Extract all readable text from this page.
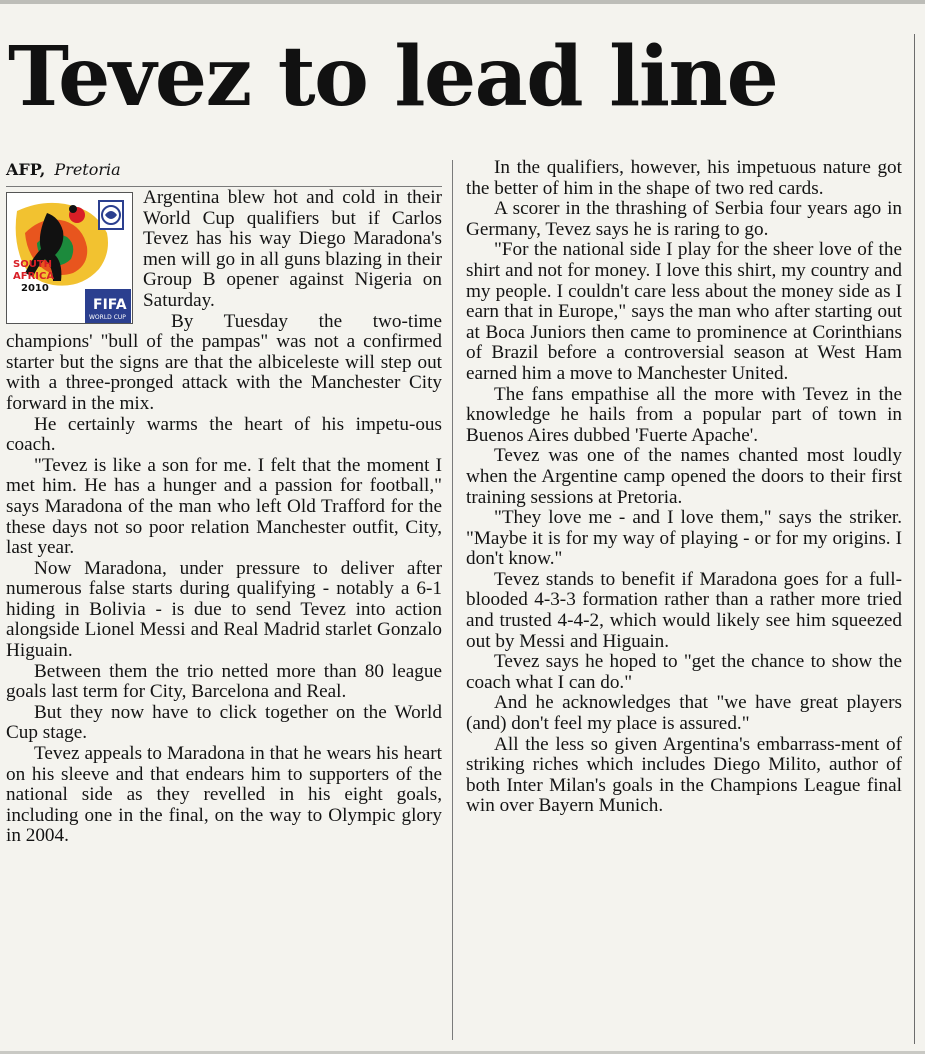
Tevez to lead line
AFP, Pretoria
SOUTH
AFRICA
2010
FIFA
WORLD CUP

Argentina blew hot and cold in their World Cup qualifiers but if Carlos Tevez has his way Diego Maradona's men will go in all guns blazing in their Group B opener against Nigeria on Saturday.

By Tuesday the two-time champions' "bull of the pampas" was not a confirmed starter but the signs are that the albiceleste will step out with a three-pronged attack with the Manchester City forward in the mix.

He certainly warms the heart of his impetu-ous coach.

"Tevez is like a son for me. I felt that the moment I met him. He has a hunger and a passion for football," says Maradona of the man who left Old Trafford for the these days not so poor relation Manchester outfit, City, last year.

Now Maradona, under pressure to deliver after numerous false starts during qualifying - notably a 6-1 hiding in Bolivia - is due to send Tevez into action alongside Lionel Messi and Real Madrid starlet Gonzalo Higuain.

Between them the trio netted more than 80 league goals last term for City, Barcelona and Real.

But they now have to click together on the World Cup stage.

Tevez appeals to Maradona in that he wears his heart on his sleeve and that endears him to supporters of the national side as they revelled in his eight goals, including one in the final, on the way to Olympic glory in 2004.

In the qualifiers, however, his impetuous nature got the better of him in the shape of two red cards.

A scorer in the thrashing of Serbia four years ago in Germany, Tevez says he is raring to go.

"For the national side I play for the sheer love of the shirt and not for money. I love this shirt, my country and my people. I couldn't care less about the money side as I earn that in Europe," says the man who after starting out at Boca Juniors then came to prominence at Corinthians of Brazil before a controversial season at West Ham earned him a move to Manchester United.

The fans empathise all the more with Tevez in the knowledge he hails from a popular part of town in Buenos Aires dubbed 'Fuerte Apache'.

Tevez was one of the names chanted most loudly when the Argentine camp opened the doors to their first training sessions at Pretoria.

"They love me - and I love them," says the striker. "Maybe it is for my way of playing - or for my origins. I don't know."

Tevez stands to benefit if Maradona goes for a full-blooded 4-3-3 formation rather than a rather more tried and trusted 4-4-2, which would likely see him squeezed out by Messi and Higuain.

Tevez says he hoped to "get the chance to show the coach what I can do."

And he acknowledges that "we have great players (and) don't feel my place is assured."

All the less so given Argentina's embarrass-ment of striking riches which includes Diego Milito, author of both Inter Milan's goals in the Champions League final win over Bayern Munich.
